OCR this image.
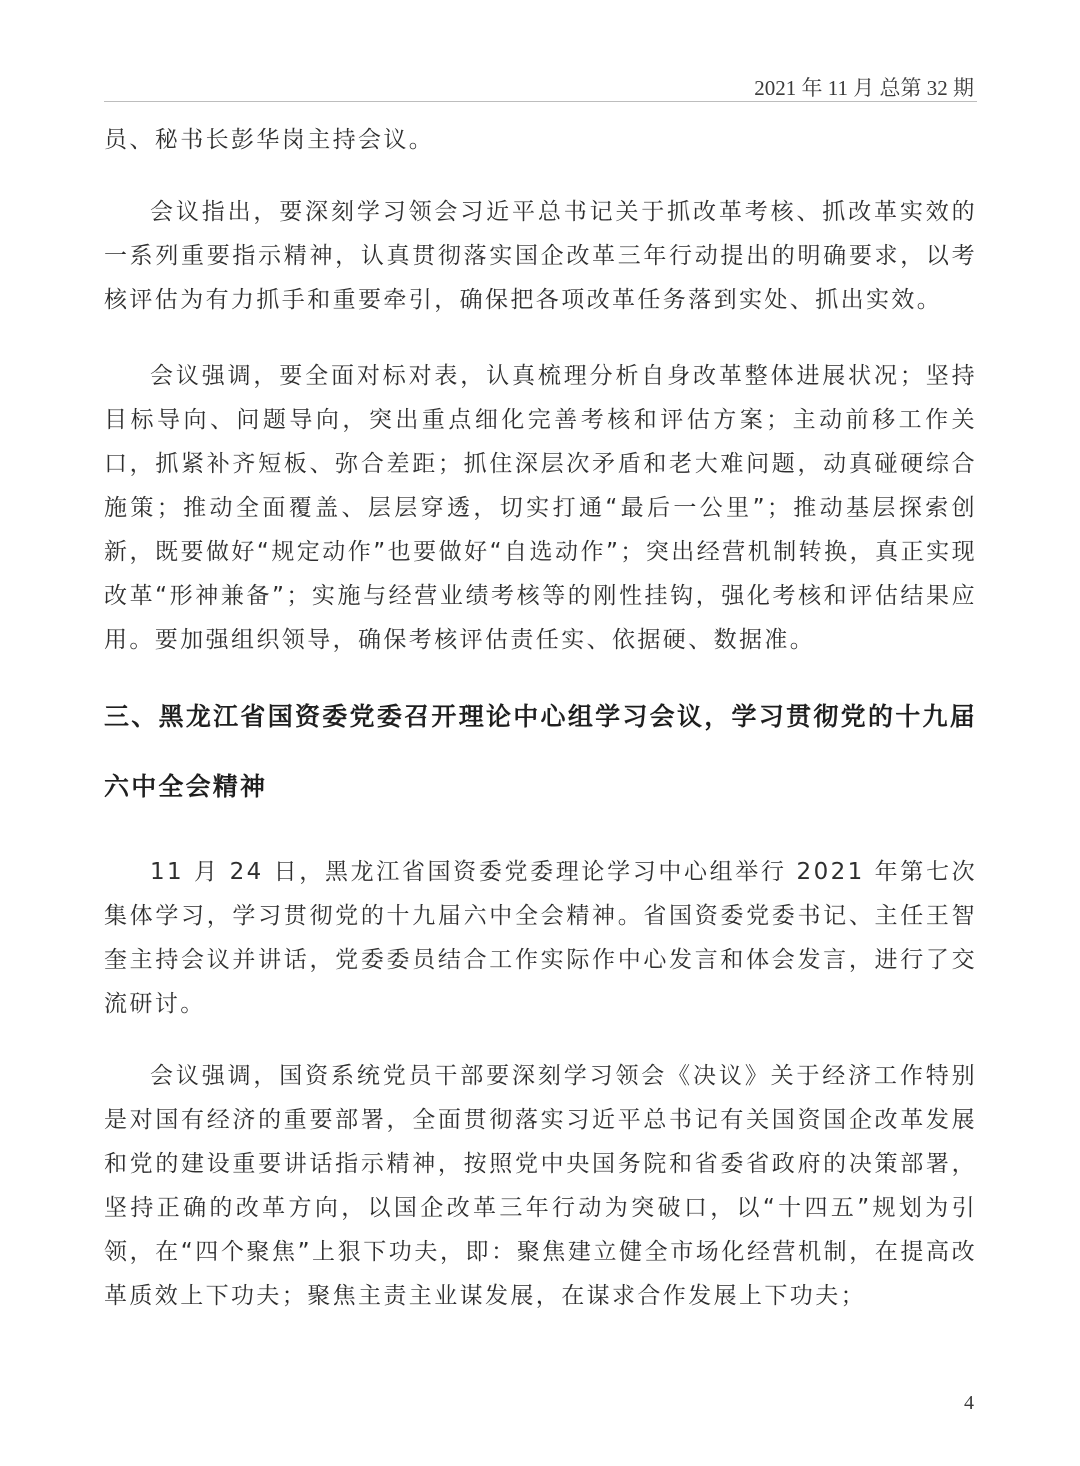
2021 年 11 月 总第 32 期

员、秘书长彭华岗主持会议。

会议指出，要深刻学习领会习近平总书记关于抓改革考核、抓改革实效的一系列重要指示精神，认真贯彻落实国企改革三年行动提出的明确要求，以考核评估为有力抓手和重要牵引，确保把各项改革任务落到实处、抓出实效。

会议强调，要全面对标对表，认真梳理分析自身改革整体进展状况；坚持目标导向、问题导向，突出重点细化完善考核和评估方案；主动前移工作关口，抓紧补齐短板、弥合差距；抓住深层次矛盾和老大难问题，动真碰硬综合施策；推动全面覆盖、层层穿透，切实打通“最后一公里”；推动基层探索创新，既要做好“规定动作”也要做好“自选动作”；突出经营机制转换，真正实现改革“形神兼备”；实施与经营业绩考核等的刚性挂钩，强化考核和评估结果应用。要加强组织领导，确保考核评估责任实、依据硬、数据准。

三、黑龙江省国资委党委召开理论中心组学习会议，学习贯彻党的十九届六中全会精神

11 月 24 日，黑龙江省国资委党委理论学习中心组举行 2021 年第七次集体学习，学习贯彻党的十九届六中全会精神。省国资委党委书记、主任王智奎主持会议并讲话，党委委员结合工作实际作中心发言和体会发言，进行了交流研讨。

会议强调，国资系统党员干部要深刻学习领会《决议》关于经济工作特别是对国有经济的重要部署，全面贯彻落实习近平总书记有关国资国企改革发展和党的建设重要讲话指示精神，按照党中央国务院和省委省政府的决策部署，坚持正确的改革方向，以国企改革三年行动为突破口，以“十四五”规划为引领，在“四个聚焦”上狠下功夫，即：聚焦建立健全市场化经营机制，在提高改革质效上下功夫；聚焦主责主业谋发展，在谋求合作发展上下功夫；

4
